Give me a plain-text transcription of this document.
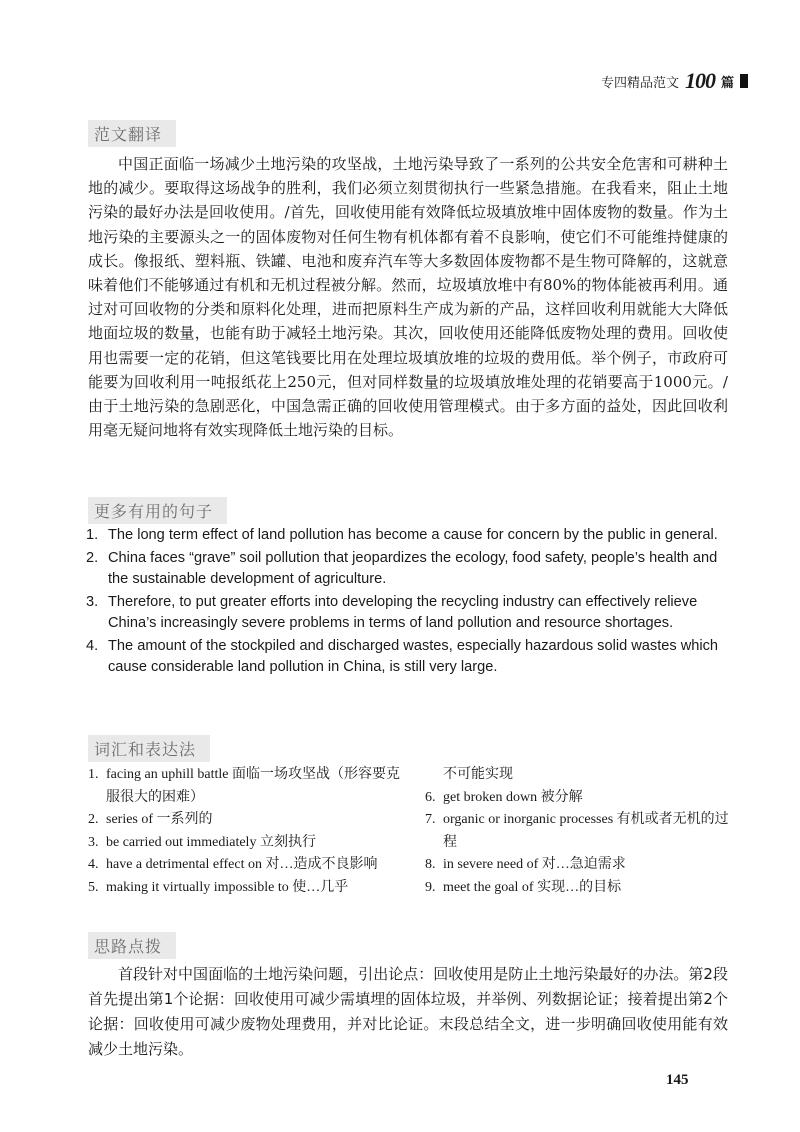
专四精品范文 100 篇
范文翻译

中国正面临一场减少土地污染的攻坚战，土地污染导致了一系列的公共安全危害和可耕种土地的减少。要取得这场战争的胜利，我们必须立刻贯彻执行一些紧急措施。在我看来，阻止土地污染的最好办法是回收使用。/首先，回收使用能有效降低垃圾填放堆中固体废物的数量。作为土地污染的主要源头之一的固体废物对任何生物有机体都有着不良影响，使它们不可能维持健康的成长。像报纸、塑料瓶、铁罐、电池和废弃汽车等大多数固体废物都不是生物可降解的，这就意味着他们不能够通过有机和无机过程被分解。然而，垃圾填放堆中有80%的物体能被再利用。通过对可回收物的分类和原料化处理，进而把原料生产成为新的产品，这样回收利用就能大大降低地面垃圾的数量，也能有助于减轻土地污染。其次，回收使用还能降低废物处理的费用。回收使用也需要一定的花销，但这笔钱要比用在处理垃圾填放堆的垃圾的费用低。举个例子，市政府可能要为回收利用一吨报纸花上250元，但对同样数量的垃圾填放堆处理的花销要高于1000元。/由于土地污染的急剧恶化，中国急需正确的回收使用管理模式。由于多方面的益处，因此回收利用毫无疑问地将有效实现降低土地污染的目标。

更多有用的句子
1. The long term effect of land pollution has become a cause for concern by the public in general.
2. China faces “grave” soil pollution that jeopardizes the ecology, food safety, people’s health and the sustainable development of agriculture.
3. Therefore, to put greater efforts into developing the recycling industry can effectively relieve China’s increasingly severe problems in terms of land pollution and resource shortages.
4. The amount of the stockpiled and discharged wastes, especially hazardous solid wastes which cause considerable land pollution in China, is still very large.
词汇和表达法
1. facing an uphill battle 面临一场攻坚战（形容要克服很大的困难）
2. series of 一系列的
3. be carried out immediately 立刻执行
4. have a detrimental effect on 对…造成不良影响
5. making it virtually impossible to 使…几乎
不可能实现
6. get broken down 被分解
7. organic or inorganic processes 有机或者无机的过程
8. in severe need of 对…急迫需求
9. meet the goal of 实现…的目标
思路点拨

首段针对中国面临的土地污染问题，引出论点：回收使用是防止土地污染最好的办法。第2段首先提出第1个论据：回收使用可减少需填埋的固体垃圾，并举例、列数据论证；接着提出第2个论据：回收使用可减少废物处理费用，并对比论证。末段总结全文，进一步明确回收使用能有效减少土地污染。

145
